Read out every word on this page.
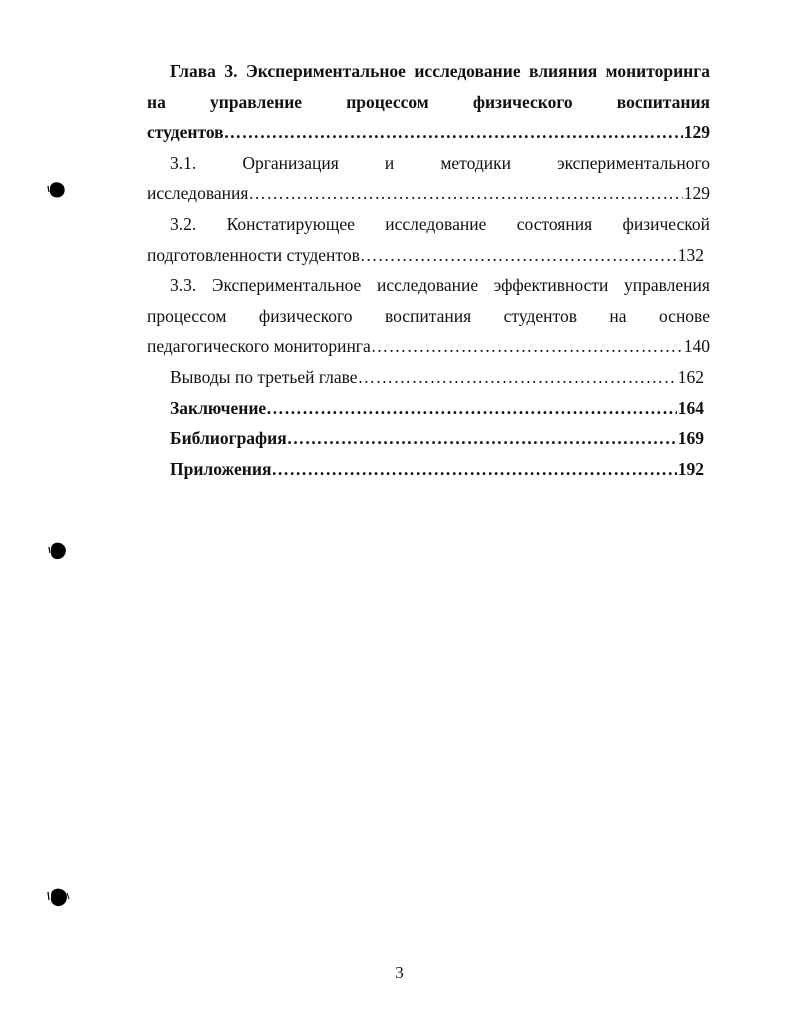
Глава 3. Экспериментальное исследование влияния мониторинга
на	управление	процессом	физического	воспитания
студентов ……………………………………………………………………………………………………………………………………………………………………	129
3.1.	Организация	и	методики	экспериментального
исследования ……………………………………………………………………………………………………………………………………………………………………	129
3.2. Констатирующее исследование состояния физической
подготовленности студентов ……………………………………………………………………………………………………………………………………………………………………	132
3.3. Экспериментальное исследование эффективности управления
процессом физического воспитания студентов на основе
педагогического мониторинга ……………………………………………………………………………………………………………………………………………………………………	140
Выводы по третьей главе ……………………………………………………………………………………………………………………………………………………………………	162
Заключение ……………………………………………………………………………………………………………………………………………………………………	164
Библиография ……………………………………………………………………………………………………………………………………………………………………	169
Приложения ……………………………………………………………………………………………………………………………………………………………………	192
3
